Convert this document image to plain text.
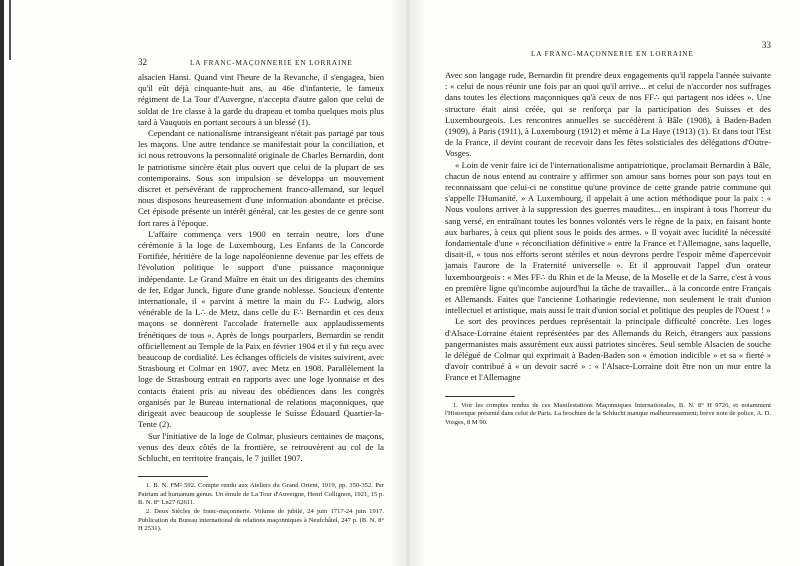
32	LA FRANC-MAÇONNERIE EN LORRAINE

alsacien Hansi. Quand vint l'heure de la Revanche, il s'engagea, bien qu'il eût déjà cinquante-huit ans, au 46e d'infanterie, le fameux régiment de La Tour d'Auvergne, n'accepta d'autre galon que celui de soldat de 1re classe à la garde du drapeau et tomba quelques mois plus tard à Vauquois en portant secours à un blessé (1).

Cependant ce nationalisme intransigeant n'était pas partagé par tous les maçons. Une autre tendance se manifestait pour la conciliation, et ici nous retrouvons la personnalité originale de Charles Bernardin, dont le patriotisme sincère était plus ouvert que celui de la plupart de ses contemporains. Sous son impulsion se développa un mouvement discret et persévérant de rapprochement franco-allemand, sur lequel nous disposons heureusement d'une information abondante et précise. Cet épisode présente un intérêt général, car les gestes de ce genre sont fort rares à l'époque.

L'affaire commença vers 1900 en terrain neutre, lors d'une cérémonie à la loge de Luxembourg, Les Enfants de la Concorde Fortifiée, héritière de la loge napoléonienne devenue par les effets de l'évolution politique le support d'une puissance maçonnique indépendante. Le Grand Maître en était un des dirigeants des chemins de fer, Edgar Junck, figure d'une grande noblesse. Soucieux d'entente internationale, il « parvint à mettre la main du F∴ Ludwig, alors vénérable de la L∴ de Metz, dans celle du F∴ Bernardin et ces deux maçons se donnèrent l'accolade fraternelle aux applaudissements frénétiques de tous ». Après de longs pourparlers, Bernardin se rendit officiellement au Temple de la Paix en février 1904 et il y fut reçu avec beaucoup de cordialité. Les échanges officiels de visites suivirent, avec Strasbourg et Colmar en 1907, avec Metz en 1908. Parallèlement la loge de Strasbourg entrait en rapports avec une loge lyonnaise et des contacts étaient pris au niveau des obédiences dans les congrès organisés par le Bureau international de relations maçonniques, que dirigeait avec beaucoup de souplesse le Suisse Édouard Quartier-la-Tente (2).

Sur l'initiative de la loge de Colmar, plusieurs centaines de maçons, venus des deux côtés de la frontière, se retrouvèrent au col de la Schlucht, en territoire français, le 7 juillet 1907.

1. B. N. FM² 592. Compte rendu aux Ateliers du Grand Orient, 1919, pp. 350-352. Per Patriam ad humanum genus. Un émule de La Tour d'Auvergne, Henri Collignon, 1921, 15 p. B. N. 8° Ln27 62611.

2. Deux Siècles de franc-maçonnerie. Volume de jubilé, 24 juin 1717-24 juin 1917. Publication du Bureau international de relations maçonniques à Neufchâtel, 247 p. (B. N. 8° H 2531).

LA FRANC-MAÇONNERIE EN LORRAINE
33

Avec son langage rude, Bernardin fit prendre deux engagements qu'il rappela l'année suivante : « celui de nous réunir une fois par an quoi qu'il arrive... et celui de n'accorder nos suffrages dans toutes les élections maçonniques qu'à ceux de nos FF∴ qui partagent nos idées ». Une structure était ainsi créée, qui se renforça par la participation des Suisses et des Luxembourgeois. Les rencontres annuelles se succédèrent à Bâle (1908), à Baden-Baden (1909), à Paris (1911), à Luxembourg (1912) et même à La Haye (1913) (1). Et dans tout l'Est de la France, il devint courant de recevoir dans les fêtes solsticiales des délégations d'Outre-Vosges.

« Loin de venir faire ici de l'internationalisme antipatriotique, proclamait Bernardin à Bâle, chacun de nous entend au contraire y affirmer son amour sans bornes pour son pays tout en reconnaissant que celui-ci ne constitue qu'une province de cette grande patrie commune qui s'appelle l'Humanité. » A Luxembourg, il appelait à une action méthodique pour la paix : « Nous voulons arriver à la suppression des guerres maudites... en inspirant à tous l'horreur du sang versé, en entraînant toutes les bonnes volontés vers le règne de la paix, en faisant honte aux barbares, à ceux qui plient sous le poids des armes. » Il voyait avec lucidité la nécessité fondamentale d'une « réconciliation définitive » entre la France et l'Allemagne, sans laquelle, disait-il, « tous nos efforts seront stériles et nous devrons perdre l'espoir même d'apercevoir jamais l'aurore de la Fraternité universelle ». Et il approuvait l'appel d'un orateur luxembourgeois : « Mes FF∴ du Rhin et de la Meuse, de la Moselle et de la Sarre, c'est à vous en première ligne qu'incombe aujourd'hui la tâche de travailler... à la concorde entre Français et Allemands. Faites que l'ancienne Lotharingie redevienne, non seulement le trait d'union intellectuel et artistique, mais aussi le trait d'union social et politique des peuples de l'Ouest ! »

Le sort des provinces perdues représentait la principale difficulté concrète. Les loges d'Alsace-Lorraine étaient représentées par des Allemands du Reich, étrangers aux passions pangermanistes mais assurément eux aussi patriotes sincères. Seul semble Alsacien de souche le délégué de Colmar qui exprimait à Baden-Baden son « émotion indicible » et sa « fierté » d'avoir contribué à « un devoir sacré » : « l'Alsace-Lorraine doit être non un mur entre la France et l'Allemagne

1. Voir les comptes rendus de ces Manifestations Maçonniques Internationales, B. N. 8° H 9726, et notamment l'Historique présenté dans celui de Paris. La brochure de la Schlucht manque malheureusement; brève note de police, A. D. Vosges, 8 M 90.
